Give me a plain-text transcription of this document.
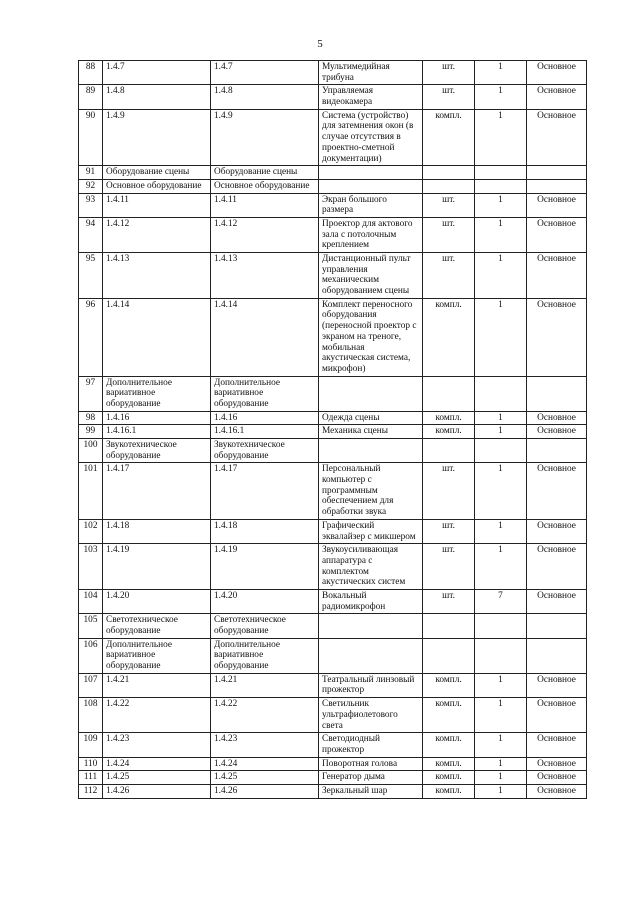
5
88	1.4.7	1.4.7	Мультимедийная трибуна	шт.	1	Основное
89	1.4.8	1.4.8	Управляемая видеокамера	шт.	1	Основное
90	1.4.9	1.4.9	Система (устройство) для затемнения окон (в случае отсутствия в проектно-сметной документации)	компл.	1	Основное
91	Оборудование сцены	Оборудование сцены				
92	Основное оборудование	Основное оборудование				
93	1.4.11	1.4.11	Экран большого размера	шт.	1	Основное
94	1.4.12	1.4.12	Проектор для актового зала с потолочным креплением	шт.	1	Основное
95	1.4.13	1.4.13	Дистанционный пульт управления механическим оборудованием сцены	шт.	1	Основное
96	1.4.14	1.4.14	Комплект переносного оборудования (переносной проектор с экраном на треноге, мобильная акустическая система, микрофон)	компл.	1	Основное
97	Дополнительное вариативное оборудование	Дополнительное вариативное оборудование				
98	1.4.16	1.4.16	Одежда сцены	компл.	1	Основное
99	1.4.16.1	1.4.16.1	Механика сцены	компл.	1	Основное
100	Звукотехническое оборудование	Звукотехническое оборудование				
101	1.4.17	1.4.17	Персональный компьютер с программным обеспечением для обработки звука	шт.	1	Основное
102	1.4.18	1.4.18	Графический эквалайзер с микшером	шт.	1	Основное
103	1.4.19	1.4.19	Звукоусиливающая аппаратура с комплектом акустических систем	шт.	1	Основное
104	1.4.20	1.4.20	Вокальный радиомикрофон	шт.	7	Основное
105	Светотехническое оборудование	Светотехническое оборудование				
106	Дополнительное вариативное оборудование	Дополнительное вариативное оборудование				
107	1.4.21	1.4.21	Театральный линзовый прожектор	компл.	1	Основное
108	1.4.22	1.4.22	Светильник ультрафиолетового света	компл.	1	Основное
109	1.4.23	1.4.23	Светодиодный прожектор	компл.	1	Основное
110	1.4.24	1.4.24	Поворотная голова	компл.	1	Основное
111	1.4.25	1.4.25	Генератор дыма	компл.	1	Основное
112	1.4.26	1.4.26	Зеркальный шар	компл.	1	Основное
